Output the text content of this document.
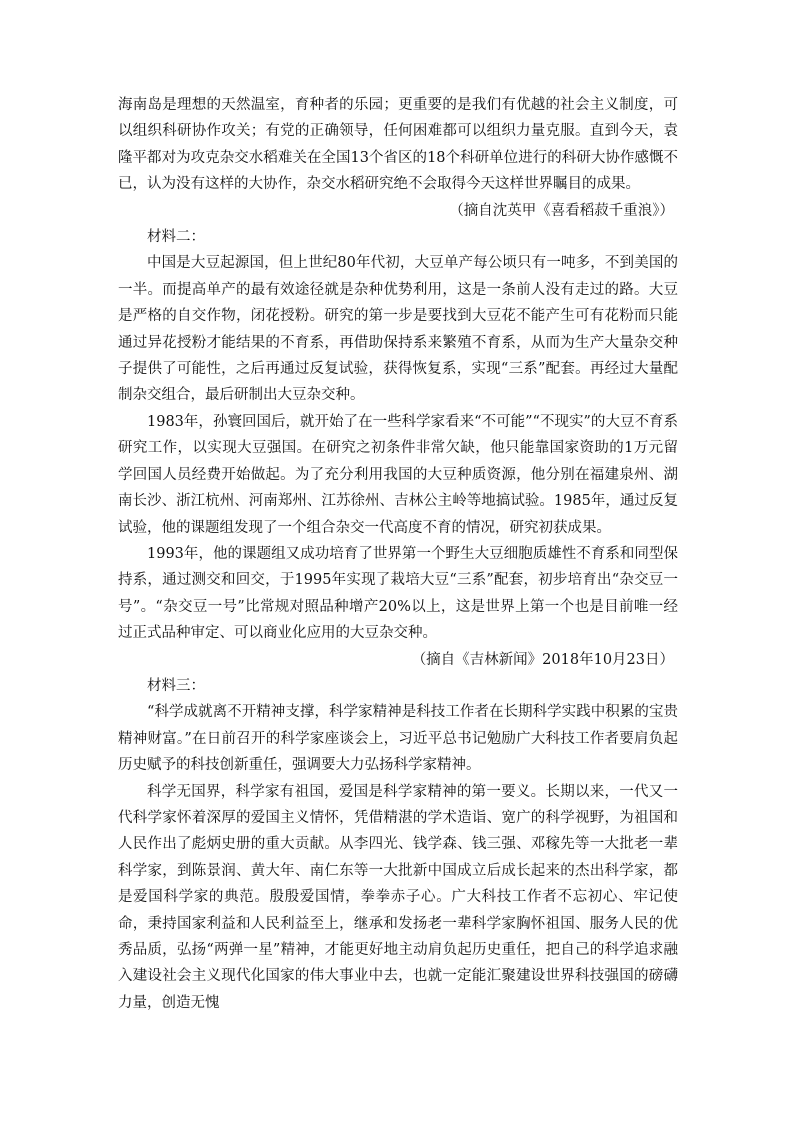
海南岛是理想的天然温室，育种者的乐园；更重要的是我们有优越的社会主义制度，可以组织科研协作攻关；有党的正确领导，任何困难都可以组织力量克服。直到今天，袁隆平都对为攻克杂交水稻难关在全国13个省区的18个科研单位进行的科研大协作感慨不已，认为没有这样的大协作，杂交水稻研究绝不会取得今天这样世界瞩目的成果。

（摘自沈英甲《喜看稻菽千重浪》）

材料二：

中国是大豆起源国，但上世纪80年代初，大豆单产每公顷只有一吨多，不到美国的一半。而提高单产的最有效途径就是杂种优势利用，这是一条前人没有走过的路。大豆是严格的自交作物，闭花授粉。研究的第一步是要找到大豆花不能产生可有花粉而只能通过异花授粉才能结果的不育系，再借助保持系来繁殖不育系，从而为生产大量杂交种子提供了可能性，之后再通过反复试验，获得恢复系，实现“三系”配套。再经过大量配制杂交组合，最后研制出大豆杂交种。

1983年，孙寰回国后，就开始了在一些科学家看来“不可能”“不现实”的大豆不育系研究工作，以实现大豆强国。在研究之初条件非常欠缺，他只能靠国家资助的1万元留学回国人员经费开始做起。为了充分利用我国的大豆种质资源，他分别在福建泉州、湖南长沙、浙江杭州、河南郑州、江苏徐州、吉林公主岭等地搞试验。1985年，通过反复试验，他的课题组发现了一个组合杂交一代高度不育的情况，研究初获成果。

1993年，他的课题组又成功培育了世界第一个野生大豆细胞质雄性不育系和同型保持系，通过测交和回交，于1995年实现了栽培大豆“三系”配套，初步培育出“杂交豆一号”。“杂交豆一号”比常规对照品种增产20%以上，这是世界上第一个也是目前唯一经过正式品种审定、可以商业化应用的大豆杂交种。

（摘自《吉林新闻》2018年10月23日）

材料三：

“科学成就离不开精神支撑，科学家精神是科技工作者在长期科学实践中积累的宝贵精神财富。”在日前召开的科学家座谈会上，习近平总书记勉励广大科技工作者要肩负起历史赋予的科技创新重任，强调要大力弘扬科学家精神。

科学无国界，科学家有祖国，爱国是科学家精神的第一要义。长期以来，一代又一代科学家怀着深厚的爱国主义情怀，凭借精湛的学术造诣、宽广的科学视野，为祖国和人民作出了彪炳史册的重大贡献。从李四光、钱学森、钱三强、邓稼先等一大批老一辈科学家，到陈景润、黄大年、南仁东等一大批新中国成立后成长起来的杰出科学家，都是爱国科学家的典范。殷殷爱国情，拳拳赤子心。广大科技工作者不忘初心、牢记使命，秉持国家利益和人民利益至上，继承和发扬老一辈科学家胸怀祖国、服务人民的优秀品质，弘扬“两弹一星”精神，才能更好地主动肩负起历史重任，把自己的科学追求融入建设社会主义现代化国家的伟大事业中去，也就一定能汇聚建设世界科技强国的磅礴力量，创造无愧
